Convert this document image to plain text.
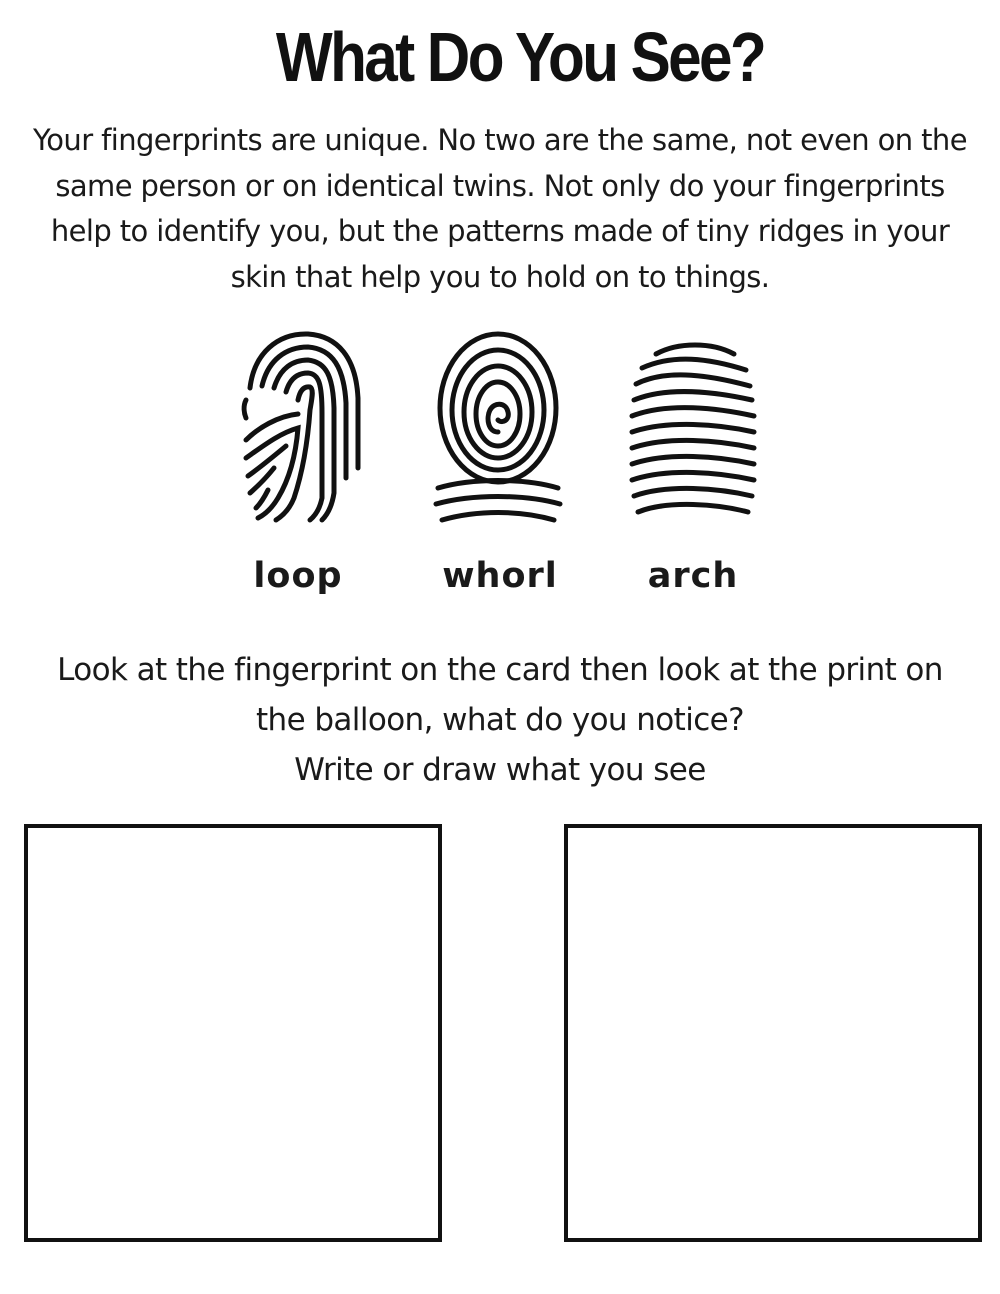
What Do You See?
Your fingerprints are unique. No two are the same, not even on the
same person or on identical twins. Not only do your fingerprints
help to identify you, but the patterns made of tiny ridges in your
skin that help you to hold on to things.
loop	whorl	arch
Look at the fingerprint on the card then look at the print on
the balloon, what do you notice?
Write or draw what you see
